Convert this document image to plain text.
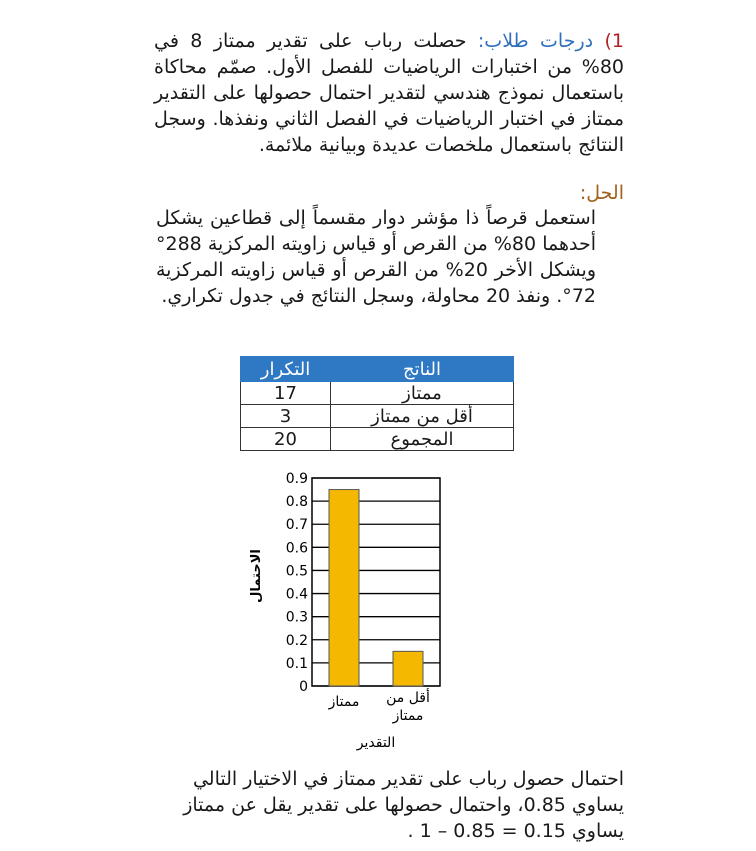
1) درجات طلاب: حصلت رباب على تقدير ممتاز 8 في 80% من اختبارات الرياضيات للفصل الأول. صمّم محاكاة باستعمال نموذج هندسي لتقدير احتمال حصولها على التقدير ممتاز في اختبار الرياضيات في الفصل الثاني ونفذها. وسجل النتائج باستعمال ملخصات عديدة وبيانية ملائمة.
الحل:
استعمل قرصاً ذا مؤشر دوار مقسماً إلى قطاعين يشكل أحدهما 80% من القرص أو قياس زاويته المركزية 288° ويشكل الأخر 20% من القرص أو قياس زاويته المركزية 72°. ونفذ 20 محاولة، وسجل النتائج في جدول تكراري.
الناتج	التكرار
ممتاز	17
أقل من ممتاز	3
المجموع	20
0
0.1
0.2
0.3
0.4
0.5
0.6
0.7
0.8
0.9
ممتاز أقل من ممتاز
الاحتمال
التقدير
احتمال حصول رباب على تقدير ممتاز في الاختيار التالي
يساوي 0.85، واحتمال حصولها على تقدير يقل عن ممتاز
يساوي 0.15 = 0.85 – 1 .
